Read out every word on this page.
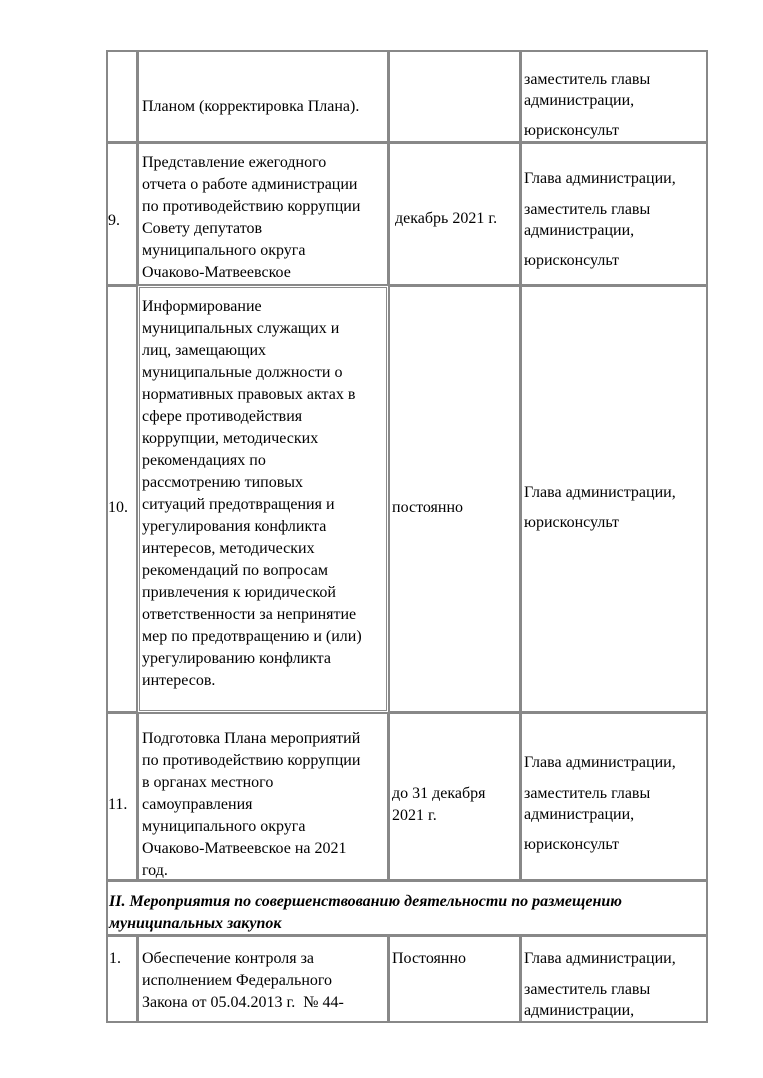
Планом (корректировка Плана).
заместитель главы
администрации,
юрисконсульт
9.
Представление ежегодного
отчета о работе администрации
по противодействию коррупции
Совету депутатов
муниципального округа
Очаково-Матвеевское
декабрь 2021 г.
Глава администрации,
заместитель главы
администрации,
юрисконсульт
10.
Информирование
муниципальных служащих и
лиц, замещающих
муниципальные должности о
нормативных правовых актах в
сфере противодействия
коррупции, методических
рекомендациях по
рассмотрению типовых
ситуаций предотвращения и
урегулирования конфликта
интересов, методических
рекомендаций по вопросам
привлечения к юридической
ответственности за непринятие
мер по предотвращению и (или)
урегулированию конфликта
интересов.
постоянно
Глава администрации,
юрисконсульт
11.
Подготовка Плана мероприятий
по противодействию коррупции
в органах местного
самоуправления
муниципального округа
Очаково-Матвеевское на 2021
год.
до 31 декабря
2021 г.
Глава администрации,
заместитель главы
администрации,
юрисконсульт
II. Мероприятия по совершенствованию деятельности по размещению
муниципальных закупок
1. Обеспечение контроля за
исполнением Федерального
Закона от 05.04.2013 г.  № 44-
Постоянно	Глава администрации,
заместитель главы
администрации,
